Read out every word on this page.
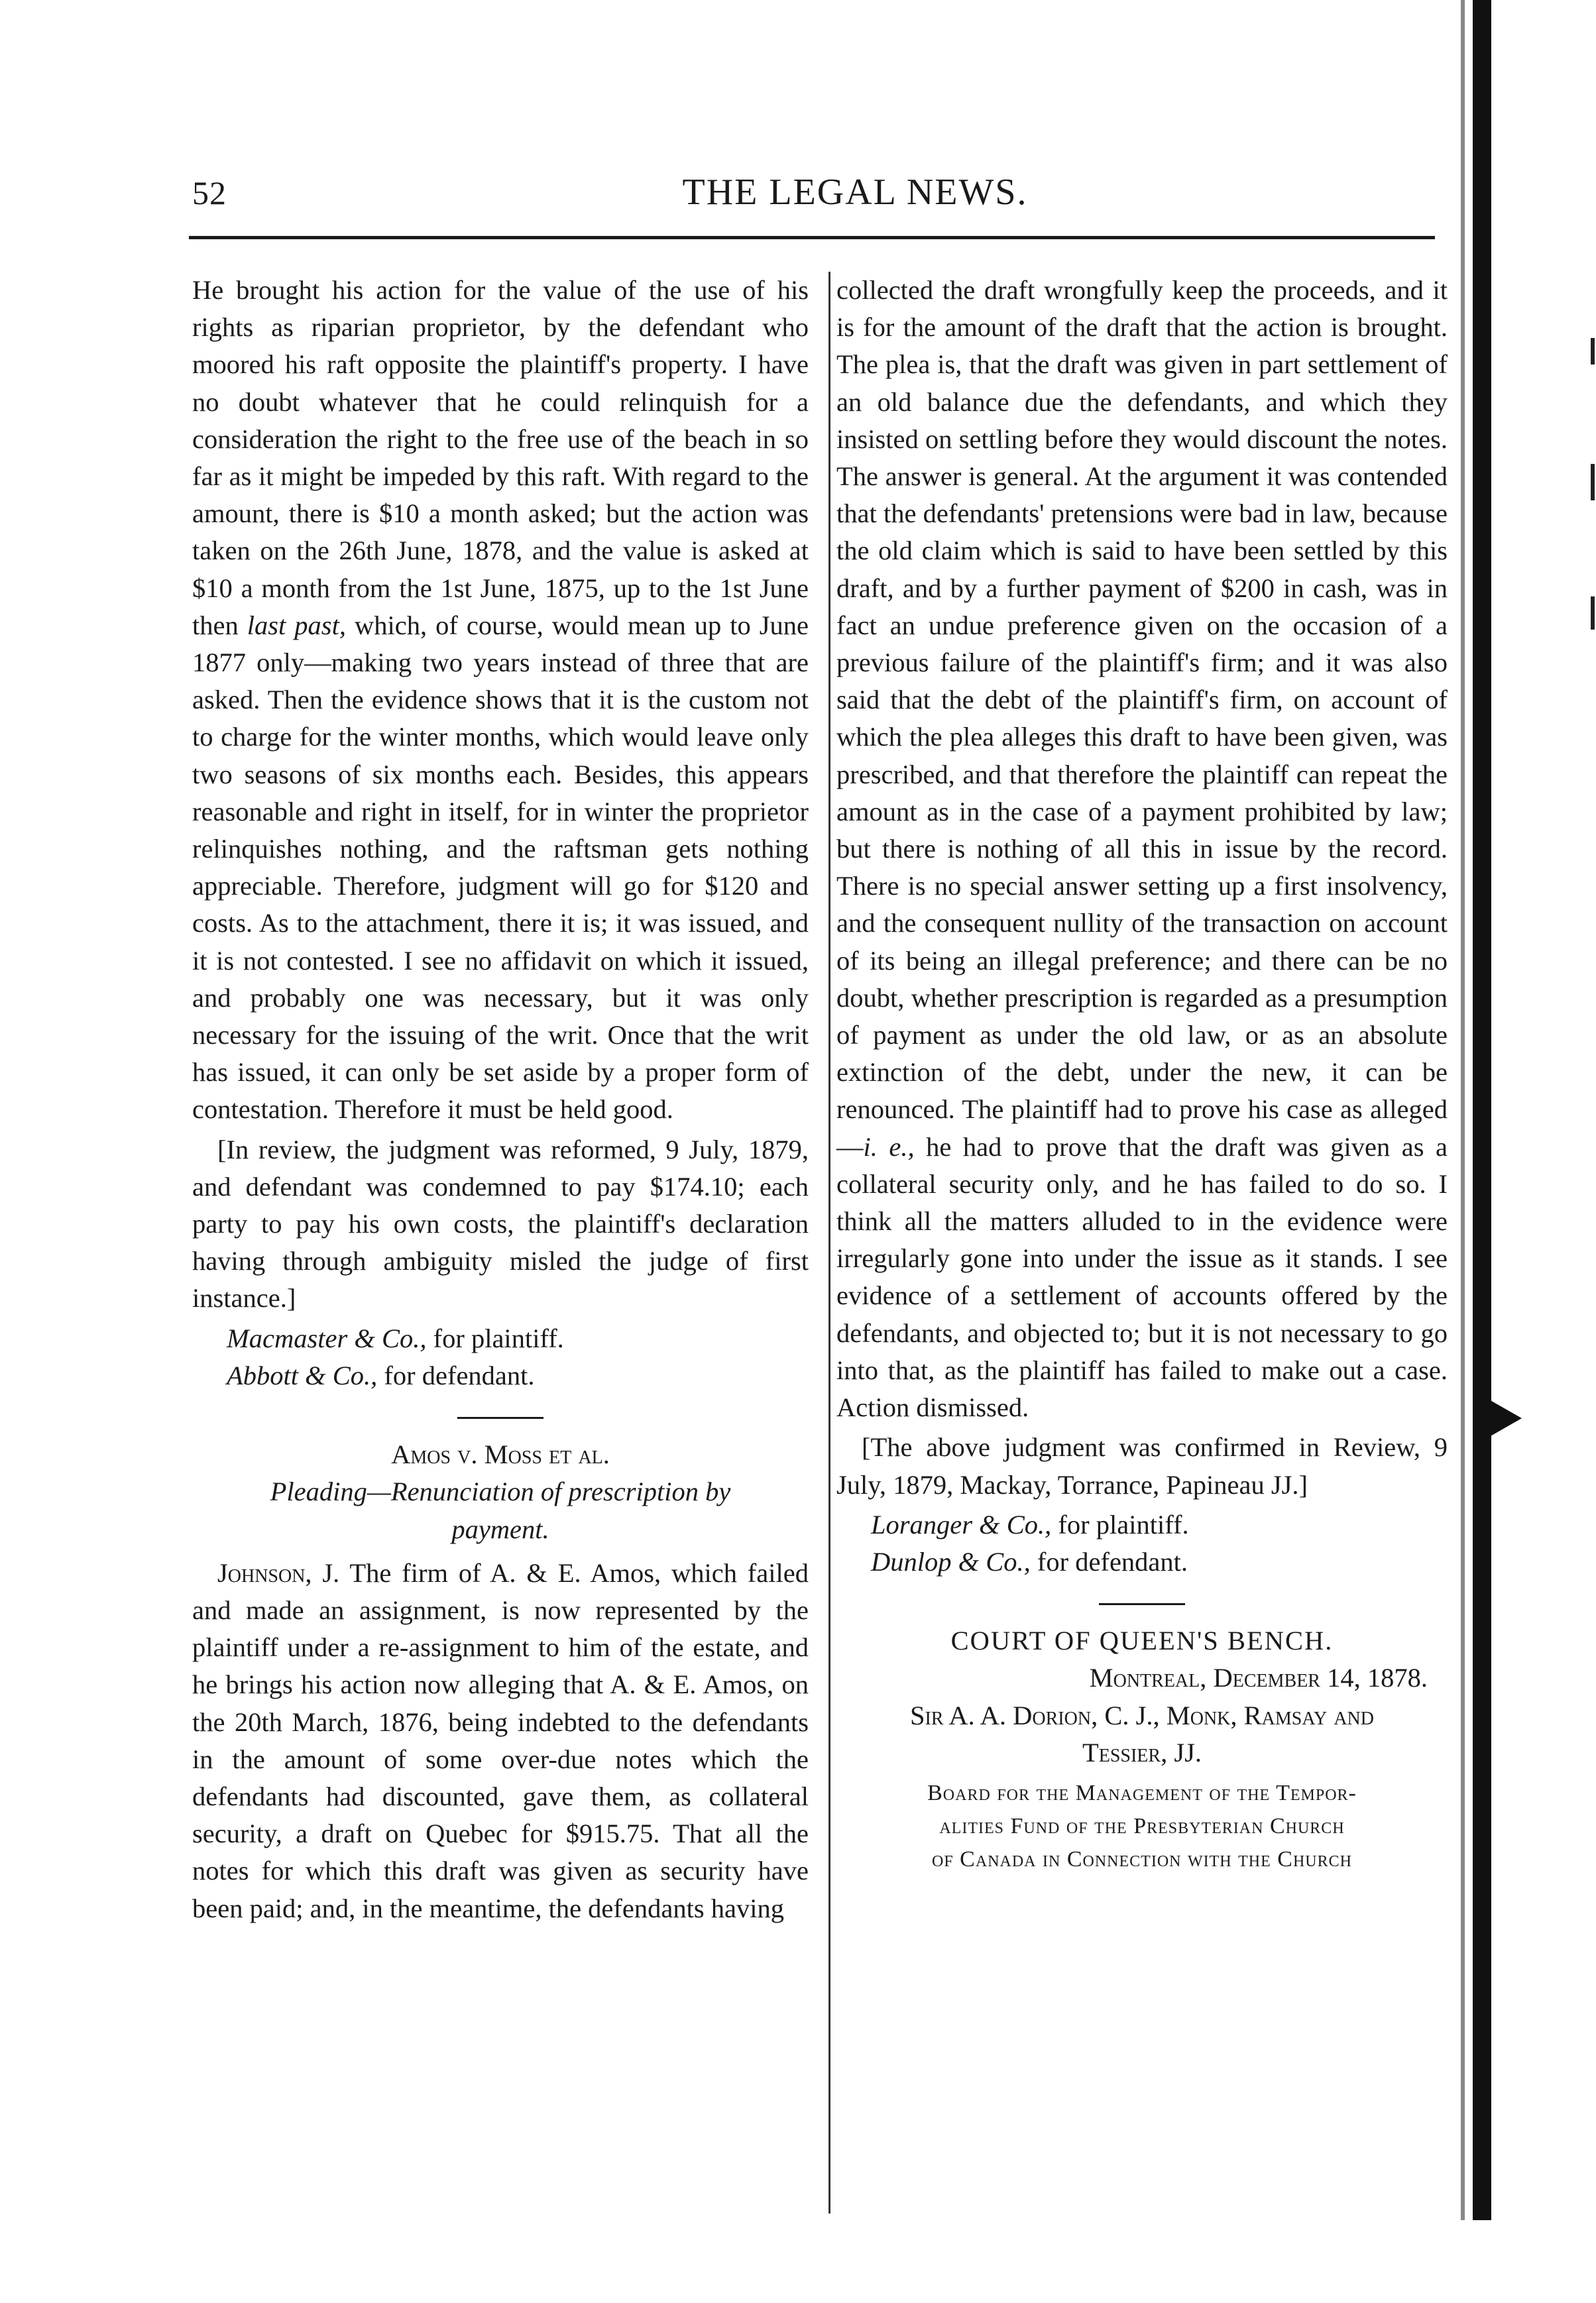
52	THE LEGAL NEWS.

He brought his action for the value of the use of his rights as riparian proprietor, by the defendant who moored his raft opposite the plaintiff's property. I have no doubt whatever that he could relinquish for a consideration the right to the free use of the beach in so far as it might be impeded by this raft. With regard to the amount, there is $10 a month asked; but the action was taken on the 26th June, 1878, and the value is asked at $10 a month from the 1st June, 1875, up to the 1st June then last past, which, of course, would mean up to June 1877 only—making two years instead of three that are asked. Then the evidence shows that it is the custom not to charge for the winter months, which would leave only two seasons of six months each. Besides, this appears reasonable and right in itself, for in winter the proprietor relinquishes nothing, and the raftsman gets nothing appreciable. Therefore, judgment will go for $120 and costs. As to the attachment, there it is; it was issued, and it is not contested. I see no affidavit on which it issued, and probably one was necessary, but it was only necessary for the issuing of the writ. Once that the writ has issued, it can only be set aside by a proper form of contestation. Therefore it must be held good.

[In review, the judgment was reformed, 9 July, 1879, and defendant was condemned to pay $174.10; each party to pay his own costs, the plaintiff's declaration having through ambiguity misled the judge of first instance.]

Macmaster & Co., for plaintiff.

Abbott & Co., for defendant.

Amos v. Moss et al.

Pleading—Renunciation of prescription by payment.

Johnson, J. The firm of A. & E. Amos, which failed and made an assignment, is now represented by the plaintiff under a re-assignment to him of the estate, and he brings his action now alleging that A. & E. Amos, on the 20th March, 1876, being indebted to the defendants in the amount of some over-due notes which the defendants had discounted, gave them, as collateral security, a draft on Quebec for $915.75. That all the notes for which this draft was given as security have been paid; and, in the meantime, the defendants having

collected the draft wrongfully keep the proceeds, and it is for the amount of the draft that the action is brought. The plea is, that the draft was given in part settlement of an old balance due the defendants, and which they insisted on settling before they would discount the notes. The answer is general. At the argument it was contended that the defendants' pretensions were bad in law, because the old claim which is said to have been settled by this draft, and by a further payment of $200 in cash, was in fact an undue preference given on the occasion of a previous failure of the plaintiff's firm; and it was also said that the debt of the plaintiff's firm, on account of which the plea alleges this draft to have been given, was prescribed, and that therefore the plaintiff can repeat the amount as in the case of a payment prohibited by law; but there is nothing of all this in issue by the record. There is no special answer setting up a first insolvency, and the consequent nullity of the transaction on account of its being an illegal preference; and there can be no doubt, whether prescription is regarded as a presumption of payment as under the old law, or as an absolute extinction of the debt, under the new, it can be renounced. The plaintiff had to prove his case as alleged—i. e., he had to prove that the draft was given as a collateral security only, and he has failed to do so. I think all the matters alluded to in the evidence were irregularly gone into under the issue as it stands. I see evidence of a settlement of accounts offered by the defendants, and objected to; but it is not necessary to go into that, as the plaintiff has failed to make out a case. Action dismissed.

[The above judgment was confirmed in Review, 9 July, 1879, Mackay, Torrance, Papineau JJ.]

Loranger & Co., for plaintiff.

Dunlop & Co., for defendant.

COURT OF QUEEN'S BENCH.

Montreal, December 14, 1878.

Sir A. A. Dorion, C. J., Monk, Ramsay and

Tessier, JJ.

Board for the Management of the Tempor-

alities Fund of the Presbyterian Church

of Canada in Connection with the Church
